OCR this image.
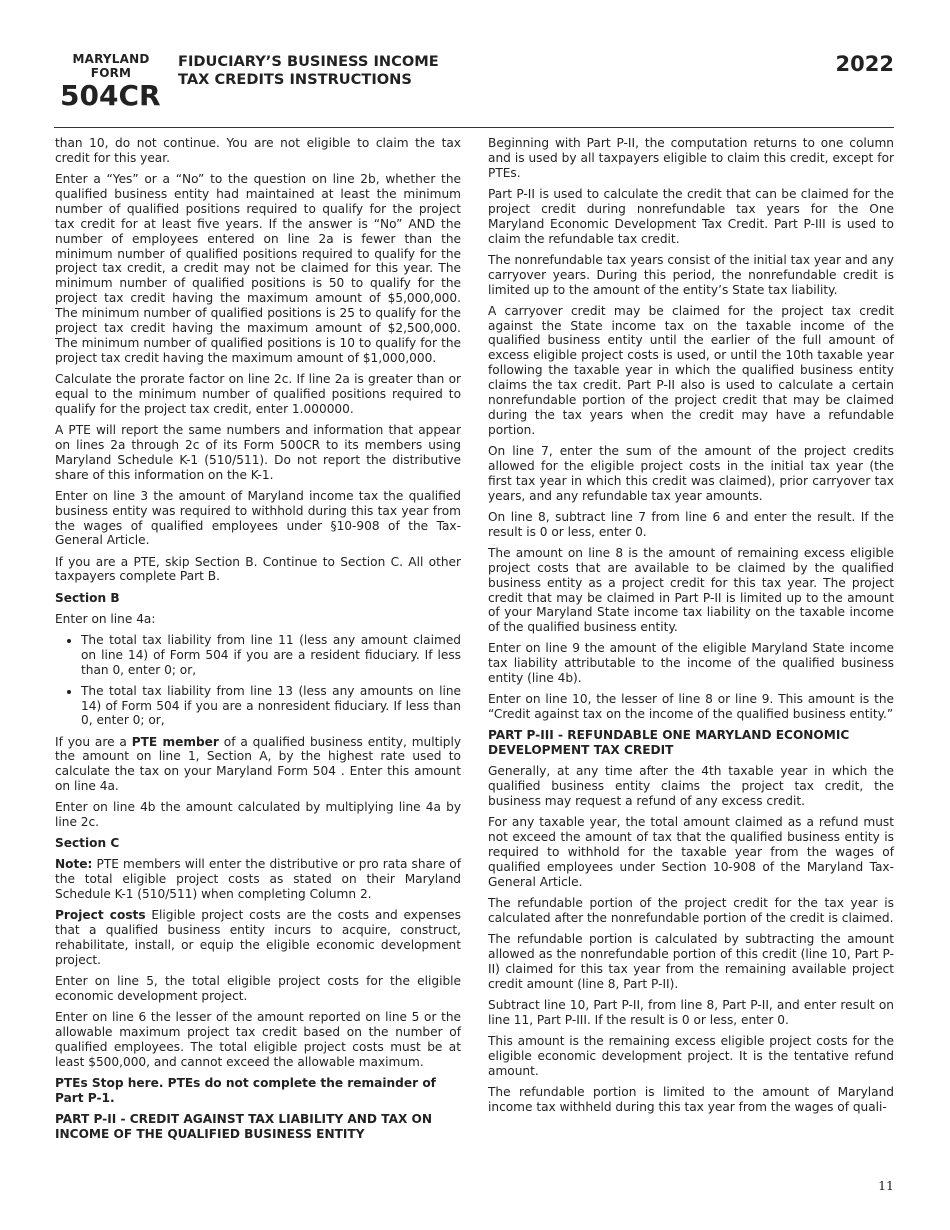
MARYLAND
FORM
504CR
FIDUCIARY’S BUSINESS INCOME
TAX CREDITS INSTRUCTIONS
2022

than 10, do not continue. You are not eligible to claim the tax credit for this year.

Enter a “Yes” or a “No” to the question on line 2b, whether the qualified business entity had maintained at least the minimum number of qualified positions required to qualify for the project tax credit for at least five years. If the answer is “No” AND the number of employees entered on line 2a is fewer than the minimum number of qualified positions required to qualify for the project tax credit, a credit may not be claimed for this year. The minimum number of qualified positions is 50 to qualify for the project tax credit having the maximum amount of $5,000,000. The minimum number of qualified positions is 25 to qualify for the project tax credit having the maximum amount of $2,500,000. The minimum number of qualified positions is 10 to qualify for the project tax credit having the maximum amount of $1,000,000.

Calculate the prorate factor on line 2c. If line 2a is greater than or equal to the minimum number of qualified positions required to qualify for the project tax credit, enter 1.000000.

A PTE will report the same numbers and information that appear on lines 2a through 2c of its Form 500CR to its members using Maryland Schedule K-1 (510/511). Do not report the distributive share of this information on the K-1.

Enter on line 3 the amount of Maryland income tax the qualified business entity was required to withhold during this tax year from the wages of qualified employees under §10-908 of the Tax-General Article.

If you are a PTE, skip Section B. Continue to Section C. All other taxpayers complete Part B.

Section B

Enter on line 4a:

• The total tax liability from line 11 (less any amount claimed on line 14) of Form 504 if you are a resident fiduciary. If less than 0, enter 0; or,
• The total tax liability from line 13 (less any amounts on line 14) of Form 504 if you are a nonresident fiduciary. If less than 0, enter 0; or,

If you are a PTE member of a qualified business entity, multiply the amount on line 1, Section A, by the highest rate used to calculate the tax on your Maryland Form 504 . Enter this amount on line 4a.

Enter on line 4b the amount calculated by multiplying line 4a by line 2c.

Section C

Note: PTE members will enter the distributive or pro rata share of the total eligible project costs as stated on their Maryland Schedule K-1 (510/511) when completing Column 2.

Project costs Eligible project costs are the costs and expenses that a qualified business entity incurs to acquire, construct, rehabilitate, install, or equip the eligible economic development project.

Enter on line 5, the total eligible project costs for the eligible economic development project.

Enter on line 6 the lesser of the amount reported on line 5 or the allowable maximum project tax credit based on the number of qualified employees. The total eligible project costs must be at least $500,000, and cannot exceed the allowable maximum.

PTEs Stop here. PTEs do not complete the remainder of Part P-1.
PART P-II - CREDIT AGAINST TAX LIABILITY AND TAX ON INCOME OF THE QUALIFIED BUSINESS ENTITY

Beginning with Part P-II, the computation returns to one column and is used by all taxpayers eligible to claim this credit, except for PTEs.

Part P-II is used to calculate the credit that can be claimed for the project credit during nonrefundable tax years for the One Maryland Economic Development Tax Credit. Part P-III is used to claim the refundable tax credit.

The nonrefundable tax years consist of the initial tax year and any carryover years. During this period, the nonrefundable credit is limited up to the amount of the entity’s State tax liability.

A carryover credit may be claimed for the project tax credit against the State income tax on the taxable income of the qualified business entity until the earlier of the full amount of excess eligible project costs is used, or until the 10th taxable year following the taxable year in which the qualified business entity claims the tax credit. Part P-II also is used to calculate a certain nonrefundable portion of the project credit that may be claimed during the tax years when the credit may have a refundable portion.

On line 7, enter the sum of the amount of the project credits allowed for the eligible project costs in the initial tax year (the first tax year in which this credit was claimed), prior carryover tax years, and any refundable tax year amounts.

On line 8, subtract line 7 from line 6 and enter the result. If the result is 0 or less, enter 0.

The amount on line 8 is the amount of remaining excess eligible project costs that are available to be claimed by the qualified business entity as a project credit for this tax year. The project credit that may be claimed in Part P-II is limited up to the amount of your Maryland State income tax liability on the taxable income of the qualified business entity.

Enter on line 9 the amount of the eligible Maryland State income tax liability attributable to the income of the qualified business entity (line 4b).

Enter on line 10, the lesser of line 8 or line 9. This amount is the “Credit against tax on the income of the qualified business entity.”

PART P-III - REFUNDABLE ONE MARYLAND ECONOMIC DEVELOPMENT TAX CREDIT

Generally, at any time after the 4th taxable year in which the qualified business entity claims the project tax credit, the business may request a refund of any excess credit.

For any taxable year, the total amount claimed as a refund must not exceed the amount of tax that the qualified business entity is required to withhold for the taxable year from the wages of qualified employees under Section 10-908 of the Maryland Tax-General Article.

The refundable portion of the project credit for the tax year is calculated after the nonrefundable portion of the credit is claimed.

The refundable portion is calculated by subtracting the amount allowed as the nonrefundable portion of this credit (line 10, Part P-II) claimed for this tax year from the remaining available project credit amount (line 8, Part P-II).

Subtract line 10, Part P-II, from line 8, Part P-II, and enter result on line 11, Part P-III. If the result is 0 or less, enter 0.

This amount is the remaining excess eligible project costs for the eligible economic development project. It is the tentative refund amount.

The refundable portion is limited to the amount of Maryland income tax withheld during this tax year from the wages of quali-

11
